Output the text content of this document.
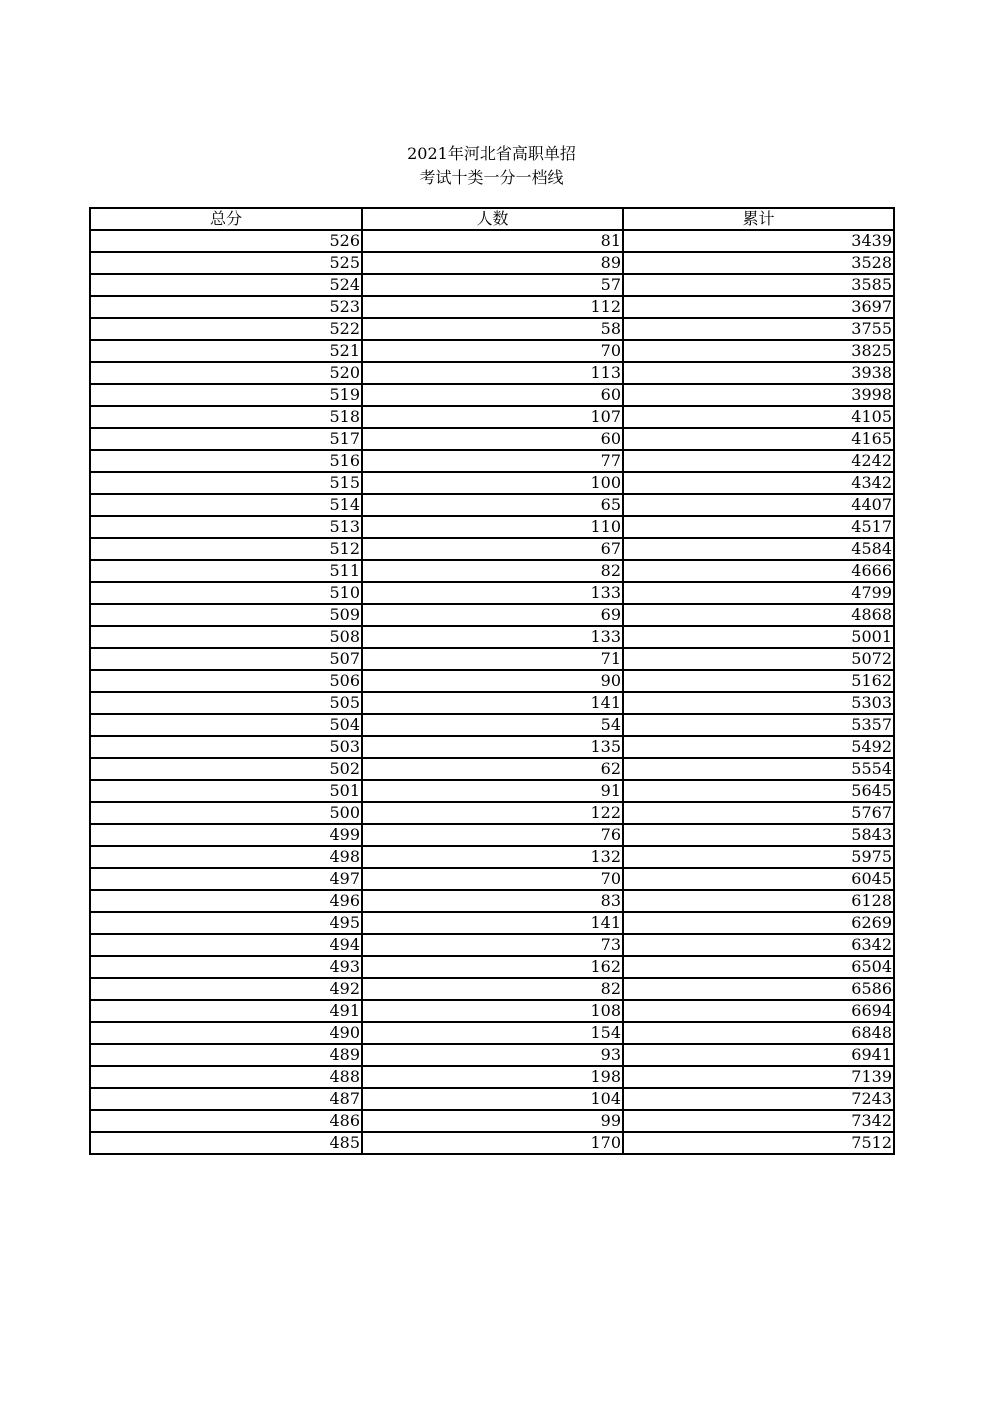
2021年河北省高职单招
考试十类一分一档线
总分	人数	累计
526	81	3439
525	89	3528
524	57	3585
523	112	3697
522	58	3755
521	70	3825
520	113	3938
519	60	3998
518	107	4105
517	60	4165
516	77	4242
515	100	4342
514	65	4407
513	110	4517
512	67	4584
511	82	4666
510	133	4799
509	69	4868
508	133	5001
507	71	5072
506	90	5162
505	141	5303
504	54	5357
503	135	5492
502	62	5554
501	91	5645
500	122	5767
499	76	5843
498	132	5975
497	70	6045
496	83	6128
495	141	6269
494	73	6342
493	162	6504
492	82	6586
491	108	6694
490	154	6848
489	93	6941
488	198	7139
487	104	7243
486	99	7342
485	170	7512
